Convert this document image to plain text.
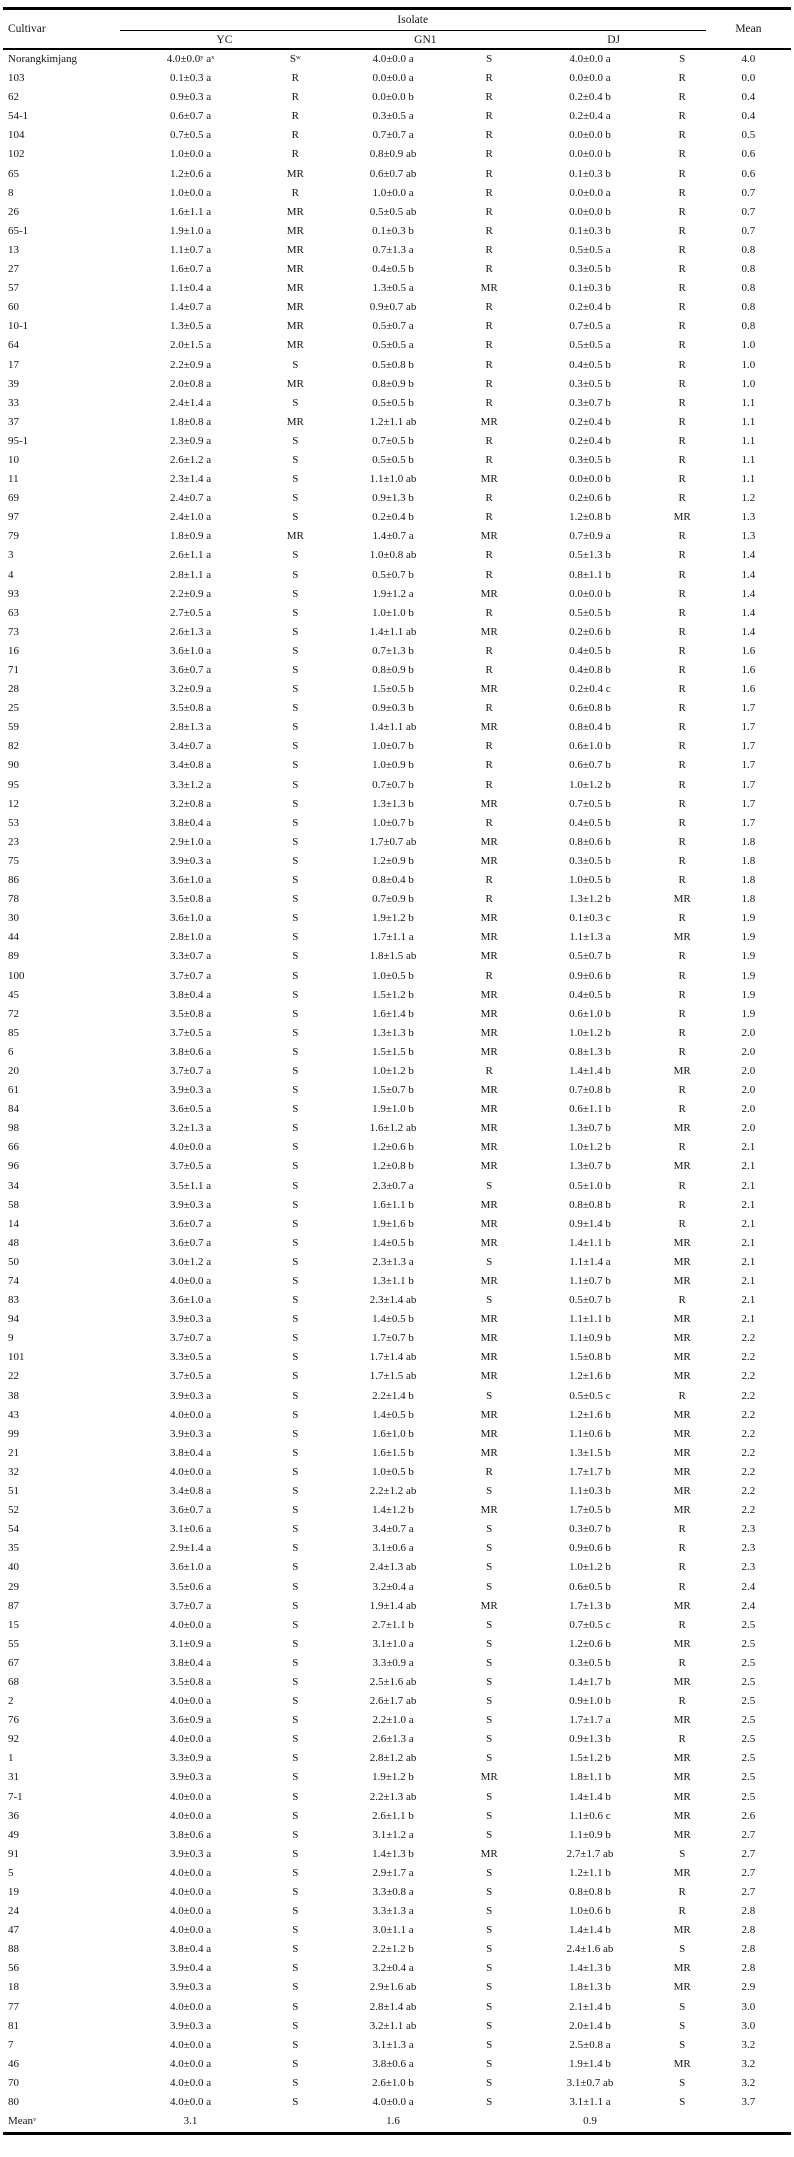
Cultivar	Isolate						Mean
	YC		GN1		DJ		
Norangkimjang	4.0±0.0ʸ aˣ	Sʷ	4.0±0.0 a	S	4.0±0.0 a	S	4.0
103	0.1±0.3 a	R	0.0±0.0 a	R	0.0±0.0 a	R	0.0
62	0.9±0.3 a	R	0.0±0.0 b	R	0.2±0.4 b	R	0.4
54-1	0.6±0.7 a	R	0.3±0.5 a	R	0.2±0.4 a	R	0.4
104	0.7±0.5 a	R	0.7±0.7 a	R	0.0±0.0 b	R	0.5
102	1.0±0.0 a	R	0.8±0.9 ab	R	0.0±0.0 b	R	0.6
65	1.2±0.6 a	MR	0.6±0.7 ab	R	0.1±0.3 b	R	0.6
8	1.0±0.0 a	R	1.0±0.0 a	R	0.0±0.0 a	R	0.7
26	1.6±1.1 a	MR	0.5±0.5 ab	R	0.0±0.0 b	R	0.7
65-1	1.9±1.0 a	MR	0.1±0.3 b	R	0.1±0.3 b	R	0.7
13	1.1±0.7 a	MR	0.7±1.3 a	R	0.5±0.5 a	R	0.8
27	1.6±0.7 a	MR	0.4±0.5 b	R	0.3±0.5 b	R	0.8
57	1.1±0.4 a	MR	1.3±0.5 a	MR	0.1±0.3 b	R	0.8
60	1.4±0.7 a	MR	0.9±0.7 ab	R	0.2±0.4 b	R	0.8
10-1	1.3±0.5 a	MR	0.5±0.7 a	R	0.7±0.5 a	R	0.8
64	2.0±1.5 a	MR	0.5±0.5 a	R	0.5±0.5 a	R	1.0
17	2.2±0.9 a	S	0.5±0.8 b	R	0.4±0.5 b	R	1.0
39	2.0±0.8 a	MR	0.8±0.9 b	R	0.3±0.5 b	R	1.0
33	2.4±1.4 a	S	0.5±0.5 b	R	0.3±0.7 b	R	1.1
37	1.8±0.8 a	MR	1.2±1.1 ab	MR	0.2±0.4 b	R	1.1
95-1	2.3±0.9 a	S	0.7±0.5 b	R	0.2±0.4 b	R	1.1
10	2.6±1.2 a	S	0.5±0.5 b	R	0.3±0.5 b	R	1.1
11	2.3±1.4 a	S	1.1±1.0 ab	MR	0.0±0.0 b	R	1.1
69	2.4±0.7 a	S	0.9±1.3 b	R	0.2±0.6 b	R	1.2
97	2.4±1.0 a	S	0.2±0.4 b	R	1.2±0.8 b	MR	1.3
79	1.8±0.9 a	MR	1.4±0.7 a	MR	0.7±0.9 a	R	1.3
3	2.6±1.1 a	S	1.0±0.8 ab	R	0.5±1.3 b	R	1.4
4	2.8±1.1 a	S	0.5±0.7 b	R	0.8±1.1 b	R	1.4
93	2.2±0.9 a	S	1.9±1.2 a	MR	0.0±0.0 b	R	1.4
63	2.7±0.5 a	S	1.0±1.0 b	R	0.5±0.5 b	R	1.4
73	2.6±1.3 a	S	1.4±1.1 ab	MR	0.2±0.6 b	R	1.4
16	3.6±1.0 a	S	0.7±1.3 b	R	0.4±0.5 b	R	1.6
71	3.6±0.7 a	S	0.8±0.9 b	R	0.4±0.8 b	R	1.6
28	3.2±0.9 a	S	1.5±0.5 b	MR	0.2±0.4 c	R	1.6
25	3.5±0.8 a	S	0.9±0.3 b	R	0.6±0.8 b	R	1.7
59	2.8±1.3 a	S	1.4±1.1 ab	MR	0.8±0.4 b	R	1.7
82	3.4±0.7 a	S	1.0±0.7 b	R	0.6±1.0 b	R	1.7
90	3.4±0.8 a	S	1.0±0.9 b	R	0.6±0.7 b	R	1.7
95	3.3±1.2 a	S	0.7±0.7 b	R	1.0±1.2 b	R	1.7
12	3.2±0.8 a	S	1.3±1.3 b	MR	0.7±0.5 b	R	1.7
53	3.8±0.4 a	S	1.0±0.7 b	R	0.4±0.5 b	R	1.7
23	2.9±1.0 a	S	1.7±0.7 ab	MR	0.8±0.6 b	R	1.8
75	3.9±0.3 a	S	1.2±0.9 b	MR	0.3±0.5 b	R	1.8
86	3.6±1.0 a	S	0.8±0.4 b	R	1.0±0.5 b	R	1.8
78	3.5±0.8 a	S	0.7±0.9 b	R	1.3±1.2 b	MR	1.8
30	3.6±1.0 a	S	1.9±1.2 b	MR	0.1±0.3 c	R	1.9
44	2.8±1.0 a	S	1.7±1.1 a	MR	1.1±1.3 a	MR	1.9
89	3.3±0.7 a	S	1.8±1.5 ab	MR	0.5±0.7 b	R	1.9
100	3.7±0.7 a	S	1.0±0.5 b	R	0.9±0.6 b	R	1.9
45	3.8±0.4 a	S	1.5±1.2 b	MR	0.4±0.5 b	R	1.9
72	3.5±0.8 a	S	1.6±1.4 b	MR	0.6±1.0 b	R	1.9
85	3.7±0.5 a	S	1.3±1.3 b	MR	1.0±1.2 b	R	2.0
6	3.8±0.6 a	S	1.5±1.5 b	MR	0.8±1.3 b	R	2.0
20	3.7±0.7 a	S	1.0±1.2 b	R	1.4±1.4 b	MR	2.0
61	3.9±0.3 a	S	1.5±0.7 b	MR	0.7±0.8 b	R	2.0
84	3.6±0.5 a	S	1.9±1.0 b	MR	0.6±1.1 b	R	2.0
98	3.2±1.3 a	S	1.6±1.2 ab	MR	1.3±0.7 b	MR	2.0
66	4.0±0.0 a	S	1.2±0.6 b	MR	1.0±1.2 b	R	2.1
96	3.7±0.5 a	S	1.2±0.8 b	MR	1.3±0.7 b	MR	2.1
34	3.5±1.1 a	S	2.3±0.7 a	S	0.5±1.0 b	R	2.1
58	3.9±0.3 a	S	1.6±1.1 b	MR	0.8±0.8 b	R	2.1
14	3.6±0.7 a	S	1.9±1.6 b	MR	0.9±1.4 b	R	2.1
48	3.6±0.7 a	S	1.4±0.5 b	MR	1.4±1.1 b	MR	2.1
50	3.0±1.2 a	S	2.3±1.3 a	S	1.1±1.4 a	MR	2.1
74	4.0±0.0 a	S	1.3±1.1 b	MR	1.1±0.7 b	MR	2.1
83	3.6±1.0 a	S	2.3±1.4 ab	S	0.5±0.7 b	R	2.1
94	3.9±0.3 a	S	1.4±0.5 b	MR	1.1±1.1 b	MR	2.1
9	3.7±0.7 a	S	1.7±0.7 b	MR	1.1±0.9 b	MR	2.2
101	3.3±0.5 a	S	1.7±1.4 ab	MR	1.5±0.8 b	MR	2.2
22	3.7±0.5 a	S	1.7±1.5 ab	MR	1.2±1.6 b	MR	2.2
38	3.9±0.3 a	S	2.2±1.4 b	S	0.5±0.5 c	R	2.2
43	4.0±0.0 a	S	1.4±0.5 b	MR	1.2±1.6 b	MR	2.2
99	3.9±0.3 a	S	1.6±1.0 b	MR	1.1±0.6 b	MR	2.2
21	3.8±0.4 a	S	1.6±1.5 b	MR	1.3±1.5 b	MR	2.2
32	4.0±0.0 a	S	1.0±0.5 b	R	1.7±1.7 b	MR	2.2
51	3.4±0.8 a	S	2.2±1.2 ab	S	1.1±0.3 b	MR	2.2
52	3.6±0.7 a	S	1.4±1.2 b	MR	1.7±0.5 b	MR	2.2
54	3.1±0.6 a	S	3.4±0.7 a	S	0.3±0.7 b	R	2.3
35	2.9±1.4 a	S	3.1±0.6 a	S	0.9±0.6 b	R	2.3
40	3.6±1.0 a	S	2.4±1.3 ab	S	1.0±1.2 b	R	2.3
29	3.5±0.6 a	S	3.2±0.4 a	S	0.6±0.5 b	R	2.4
87	3.7±0.7 a	S	1.9±1.4 ab	MR	1.7±1.3 b	MR	2.4
15	4.0±0.0 a	S	2.7±1.1 b	S	0.7±0.5 c	R	2.5
55	3.1±0.9 a	S	3.1±1.0 a	S	1.2±0.6 b	MR	2.5
67	3.8±0.4 a	S	3.3±0.9 a	S	0.3±0.5 b	R	2.5
68	3.5±0.8 a	S	2.5±1.6 ab	S	1.4±1.7 b	MR	2.5
2	4.0±0.0 a	S	2.6±1.7 ab	S	0.9±1.0 b	R	2.5
76	3.6±0.9 a	S	2.2±1.0 a	S	1.7±1.7 a	MR	2.5
92	4.0±0.0 a	S	2.6±1.3 a	S	0.9±1.3 b	R	2.5
1	3.3±0.9 a	S	2.8±1.2 ab	S	1.5±1.2 b	MR	2.5
31	3.9±0.3 a	S	1.9±1.2 b	MR	1.8±1.1 b	MR	2.5
7-1	4.0±0.0 a	S	2.2±1.3 ab	S	1.4±1.4 b	MR	2.5
36	4.0±0.0 a	S	2.6±1.1 b	S	1.1±0.6 c	MR	2.6
49	3.8±0.6 a	S	3.1±1.2 a	S	1.1±0.9 b	MR	2.7
91	3.9±0.3 a	S	1.4±1.3 b	MR	2.7±1.7 ab	S	2.7
5	4.0±0.0 a	S	2.9±1.7 a	S	1.2±1.1 b	MR	2.7
19	4.0±0.0 a	S	3.3±0.8 a	S	0.8±0.8 b	R	2.7
24	4.0±0.0 a	S	3.3±1.3 a	S	1.0±0.6 b	R	2.8
47	4.0±0.0 a	S	3.0±1.1 a	S	1.4±1.4 b	MR	2.8
88	3.8±0.4 a	S	2.2±1.2 b	S	2.4±1.6 ab	S	2.8
56	3.9±0.4 a	S	3.2±0.4 a	S	1.4±1.3 b	MR	2.8
18	3.9±0.3 a	S	2.9±1.6 ab	S	1.8±1.3 b	MR	2.9
77	4.0±0.0 a	S	2.8±1.4 ab	S	2.1±1.4 b	S	3.0
81	3.9±0.3 a	S	3.2±1.1 ab	S	2.0±1.4 b	S	3.0
7	4.0±0.0 a	S	3.1±1.3 a	S	2.5±0.8 a	S	3.2
46	4.0±0.0 a	S	3.8±0.6 a	S	1.9±1.4 b	MR	3.2
70	4.0±0.0 a	S	2.6±1.0 b	S	3.1±0.7 ab	S	3.2
80	4.0±0.0 a	S	4.0±0.0 a	S	3.1±1.1 a	S	3.7
Meanᵛ	3.1		1.6		0.9		
